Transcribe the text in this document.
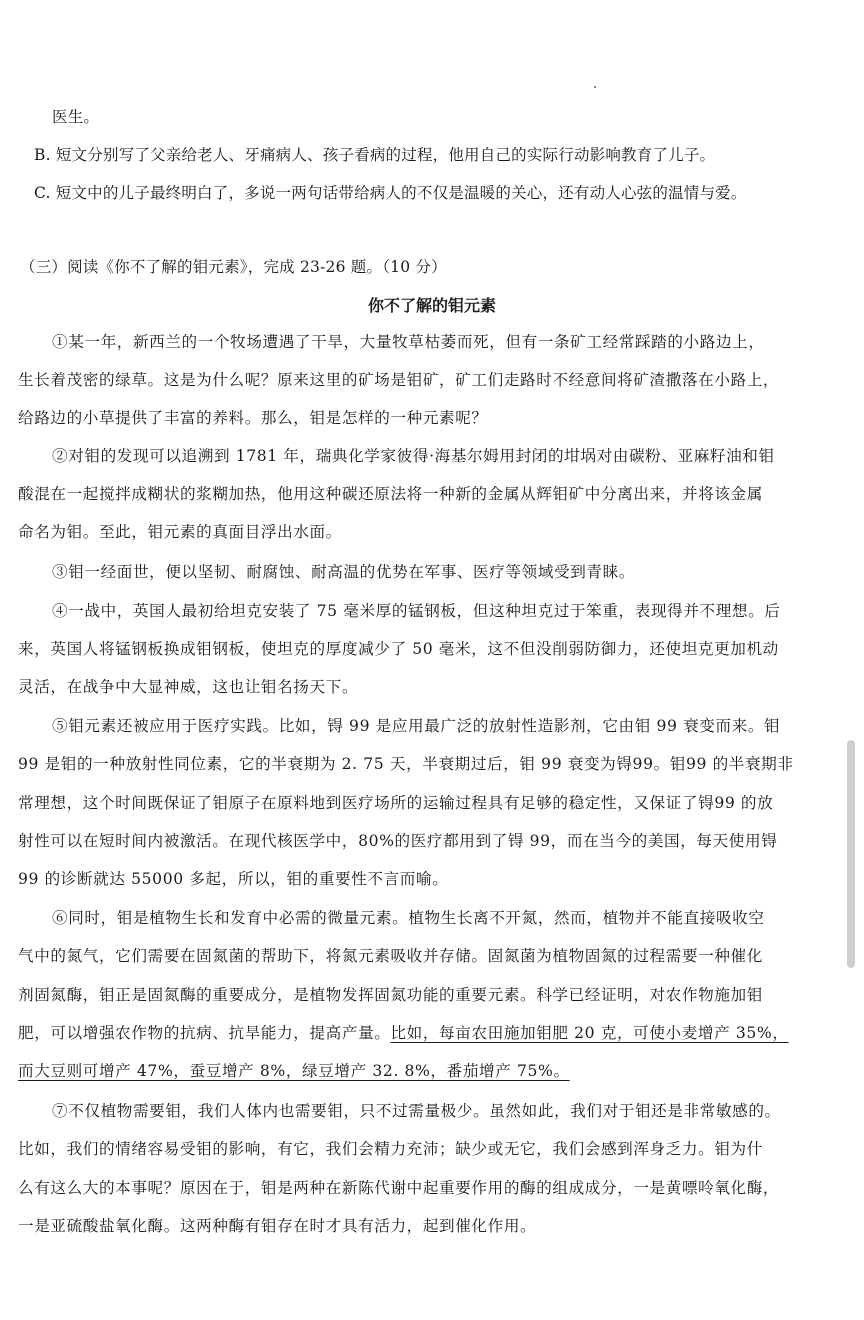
医生。
B. 短文分别写了父亲给老人、牙痛病人、孩子看病的过程，他用自己的实际行动影响教育了儿子。
C. 短文中的儿子最终明白了，多说一两句话带给病人的不仅是温暖的关心，还有动人心弦的温情与爱。
（三）阅读《你不了解的钼元素》，完成 23-26 题。（10 分）
你不了解的钼元素
①某一年，新西兰的一个牧场遭遇了干旱，大量牧草枯萎而死，但有一条矿工经常踩踏的小路边上，
生长着茂密的绿草。这是为什么呢？原来这里的矿场是钼矿，矿工们走路时不经意间将矿渣撒落在小路上，
给路边的小草提供了丰富的养料。那么，钼是怎样的一种元素呢？
②对钼的发现可以追溯到 1781 年，瑞典化学家彼得·海基尔姆用封闭的坩埚对由碳粉、亚麻籽油和钼
酸混在一起搅拌成糊状的浆糊加热，他用这种碳还原法将一种新的金属从辉钼矿中分离出来，并将该金属
命名为钼。至此，钼元素的真面目浮出水面。
③钼一经面世，便以坚韧、耐腐蚀、耐高温的优势在军事、医疗等领域受到青睐。
④一战中，英国人最初给坦克安装了 75 毫米厚的锰钢板，但这种坦克过于笨重，表现得并不理想。后
来，英国人将锰钢板换成钼钢板，使坦克的厚度减少了 50 毫米，这不但没削弱防御力，还使坦克更加机动
灵活，在战争中大显神威，这也让钼名扬天下。
⑤钼元素还被应用于医疗实践。比如，锝 99 是应用最广泛的放射性造影剂，它由钼 99 衰变而来。钼
99 是钼的一种放射性同位素，它的半衰期为 2. 75 天，半衰期过后，钼 99 衰变为锝99。钼99 的半衰期非
常理想，这个时间既保证了钼原子在原料地到医疗场所的运输过程具有足够的稳定性，又保证了锝99 的放
射性可以在短时间内被激活。在现代核医学中，80%的医疗都用到了锝 99，而在当今的美国，每天使用锝
99 的诊断就达 55000 多起，所以，钼的重要性不言而喻。
⑥同时，钼是植物生长和发育中必需的微量元素。植物生长离不开氮，然而，植物并不能直接吸收空
气中的氮气，它们需要在固氮菌的帮助下，将氮元素吸收并存储。固氮菌为植物固氮的过程需要一种催化
剂固氮酶，钼正是固氮酶的重要成分，是植物发挥固氮功能的重要元素。科学已经证明，对农作物施加钼
肥，可以增强农作物的抗病、抗旱能力，提高产量。比如，每亩农田施加钼肥 20 克，可使小麦增产 35%，
而大豆则可增产 47%，蚕豆增产 8%，绿豆增产 32. 8%，番茄增产 75%。
⑦不仅植物需要钼，我们人体内也需要钼，只不过需量极少。虽然如此，我们对于钼还是非常敏感的。
比如，我们的情绪容易受钼的影响，有它，我们会精力充沛；缺少或无它，我们会感到浑身乏力。钼为什
么有这么大的本事呢？原因在于，钼是两种在新陈代谢中起重要作用的酶的组成成分，一是黄嘌呤氧化酶，
一是亚硫酸盐氧化酶。这两种酶有钼存在时才具有活力，起到催化作用。
